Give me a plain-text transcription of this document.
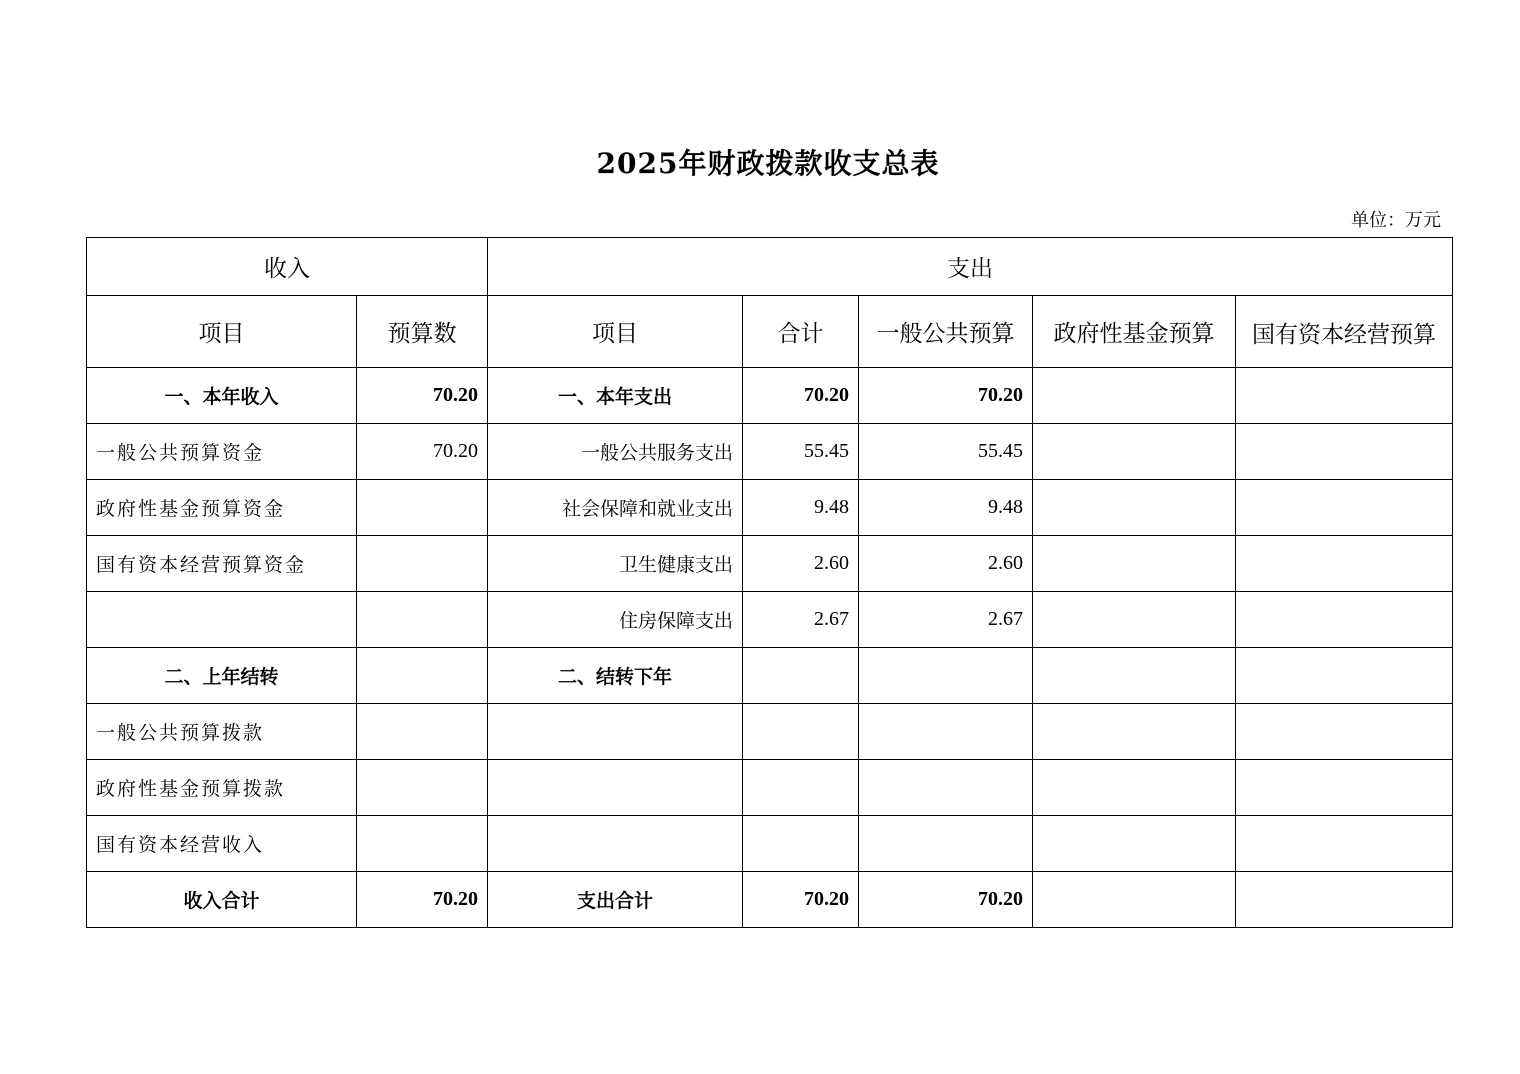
2025年财政拨款收支总表
单位：万元
收入		支出				
项目	预算数	项目	合计	一般公共预算	政府性基金预算	国有资本经营预算
一、本年收入	70.20	一、本年支出	70.20	70.20		
一般公共预算资金	70.20	一般公共服务支出	55.45	55.45		
政府性基金预算资金		社会保障和就业支出	9.48	9.48		
国有资本经营预算资金		卫生健康支出	2.60	2.60		
		住房保障支出	2.67	2.67		
二、上年结转		二、结转下年				
一般公共预算拨款						
政府性基金预算拨款						
国有资本经营收入						
收入合计	70.20	支出合计	70.20	70.20		
